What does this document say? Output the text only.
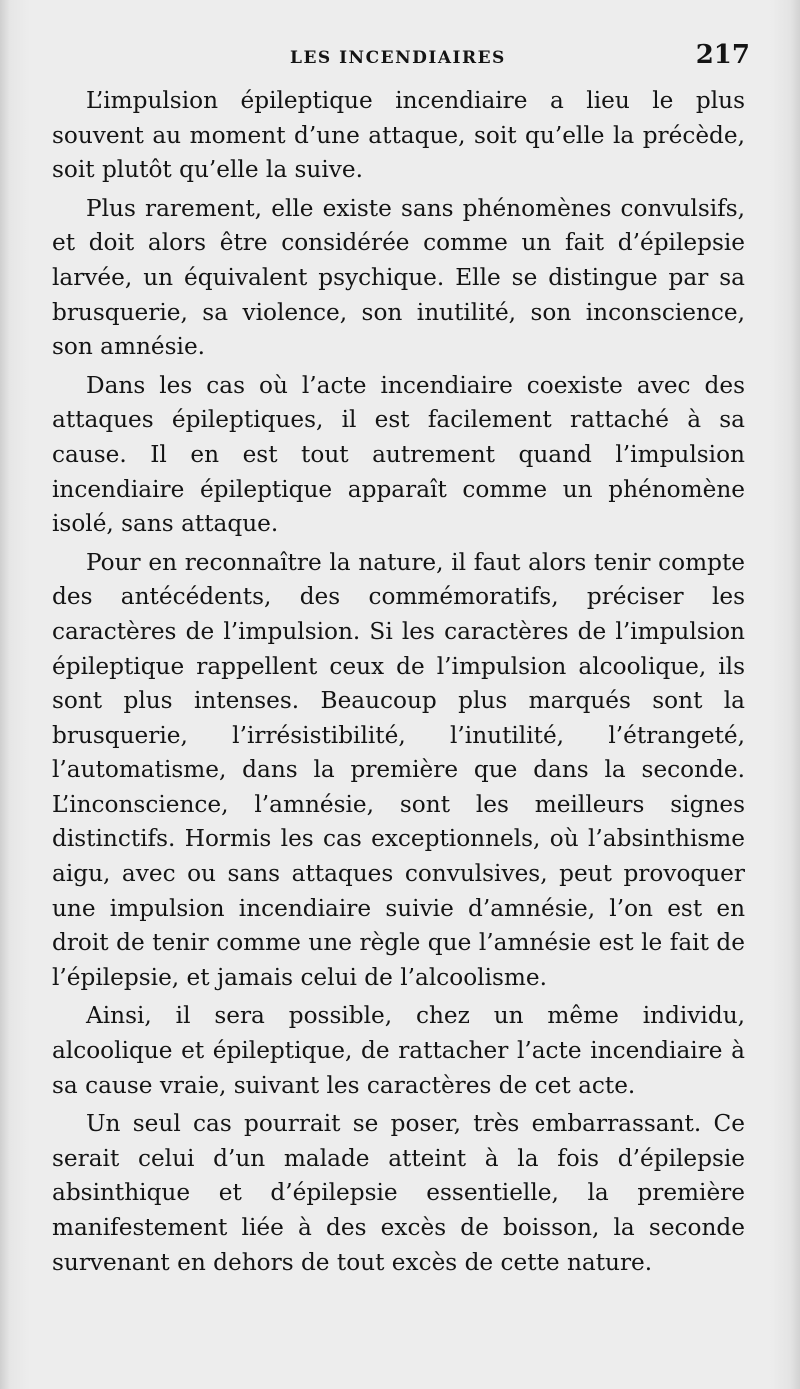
LES INCENDIAIRES	217

L’impulsion épileptique incendiaire a lieu le plus souvent au moment d’une attaque, soit qu’elle la précède, soit plutôt qu’elle la suive.

Plus rarement, elle existe sans phénomènes convulsifs, et doit alors être considérée comme un fait d’épilepsie larvée, un équivalent psychique. Elle se distingue par sa brusquerie, sa violence, son inutilité, son inconscience, son amnésie.

Dans les cas où l’acte incendiaire coexiste avec des attaques épileptiques, il est facilement rattaché à sa cause. Il en est tout autrement quand l’impulsion incendiaire épileptique apparaît comme un phénomène isolé, sans attaque.

Pour en reconnaître la nature, il faut alors tenir compte des antécédents, des commémoratifs, préciser les caractères de l’impulsion. Si les caractères de l’impulsion épileptique rappellent ceux de l’impulsion alcoolique, ils sont plus intenses. Beaucoup plus marqués sont la brusquerie, l’irrésistibilité, l’inutilité, l’étrangeté, l’automatisme, dans la première que dans la seconde. L’inconscience, l’amnésie, sont les meilleurs signes distinctifs. Hormis les cas exceptionnels, où l’absinthisme aigu, avec ou sans attaques convulsives, peut provoquer une impulsion incendiaire suivie d’amnésie, l’on est en droit de tenir comme une règle que l’amnésie est le fait de l’épilepsie, et jamais celui de l’alcoolisme.

Ainsi, il sera possible, chez un même individu, alcoolique et épileptique, de rattacher l’acte incendiaire à sa cause vraie, suivant les caractères de cet acte.

Un seul cas pourrait se poser, très embarrassant. Ce serait celui d’un malade atteint à la fois d’épilepsie absinthique et d’épilepsie essentielle, la première manifestement liée à des excès de boisson, la seconde survenant en dehors de tout excès de cette nature.
